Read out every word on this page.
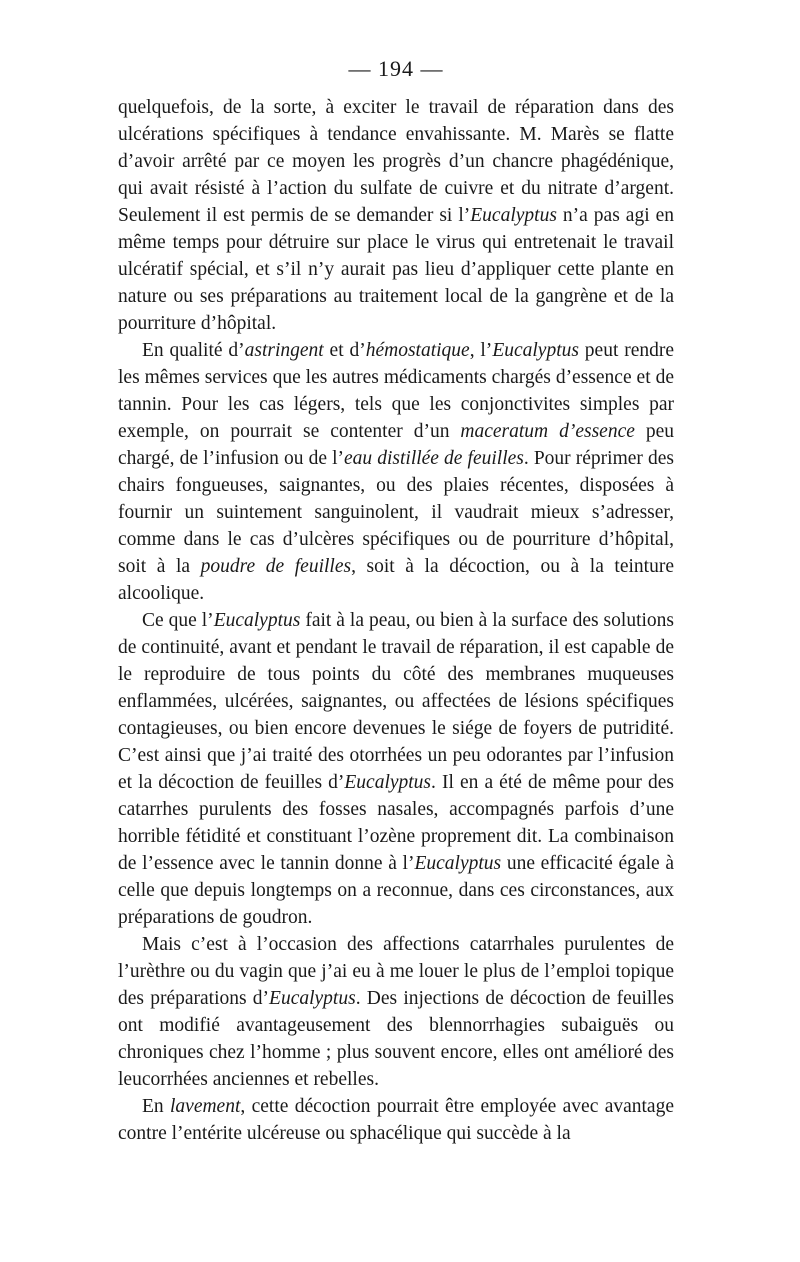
— 194 —

quelquefois, de la sorte, à exciter le travail de réparation dans des ulcérations spécifiques à tendance envahissante. M. Marès se flatte d’avoir arrêté par ce moyen les progrès d’un chancre phagédénique, qui avait résisté à l’action du sulfate de cuivre et du nitrate d’argent. Seulement il est permis de se demander si l’Eucalyptus n’a pas agi en même temps pour détruire sur place le virus qui entretenait le travail ulcératif spécial, et s’il n’y aurait pas lieu d’appliquer cette plante en nature ou ses préparations au traitement local de la gangrène et de la pourriture d’hôpital.

En qualité d’astringent et d’hémostatique, l’Eucalyptus peut rendre les mêmes services que les autres médicaments chargés d’essence et de tannin. Pour les cas légers, tels que les conjonctivites simples par exemple, on pourrait se contenter d’un maceratum d’essence peu chargé, de l’infusion ou de l’eau distillée de feuilles. Pour réprimer des chairs fongueuses, saignantes, ou des plaies récentes, disposées à fournir un suintement sanguinolent, il vaudrait mieux s’adresser, comme dans le cas d’ulcères spécifiques ou de pourriture d’hôpital, soit à la poudre de feuilles, soit à la décoction, ou à la teinture alcoolique.

Ce que l’Eucalyptus fait à la peau, ou bien à la surface des solutions de continuité, avant et pendant le travail de réparation, il est capable de le reproduire de tous points du côté des membranes muqueuses enflammées, ulcérées, saignantes, ou affectées de lésions spécifiques contagieuses, ou bien encore devenues le siége de foyers de putridité. C’est ainsi que j’ai traité des otorrhées un peu odorantes par l’infusion et la décoction de feuilles d’Eucalyptus. Il en a été de même pour des catarrhes purulents des fosses nasales, accompagnés parfois d’une horrible fétidité et constituant l’ozène proprement dit. La combinaison de l’essence avec le tannin donne à l’Eucalyptus une efficacité égale à celle que depuis longtemps on a reconnue, dans ces circonstances, aux préparations de goudron.

Mais c’est à l’occasion des affections catarrhales purulentes de l’urèthre ou du vagin que j’ai eu à me louer le plus de l’emploi topique des préparations d’Eucalyptus. Des injections de décoction de feuilles ont modifié avantageusement des blennorrhagies subaiguës ou chroniques chez l’homme ; plus souvent encore, elles ont amélioré des leucorrhées anciennes et rebelles.

En lavement, cette décoction pourrait être employée avec avantage contre l’entérite ulcéreuse ou sphacélique qui succède à la
